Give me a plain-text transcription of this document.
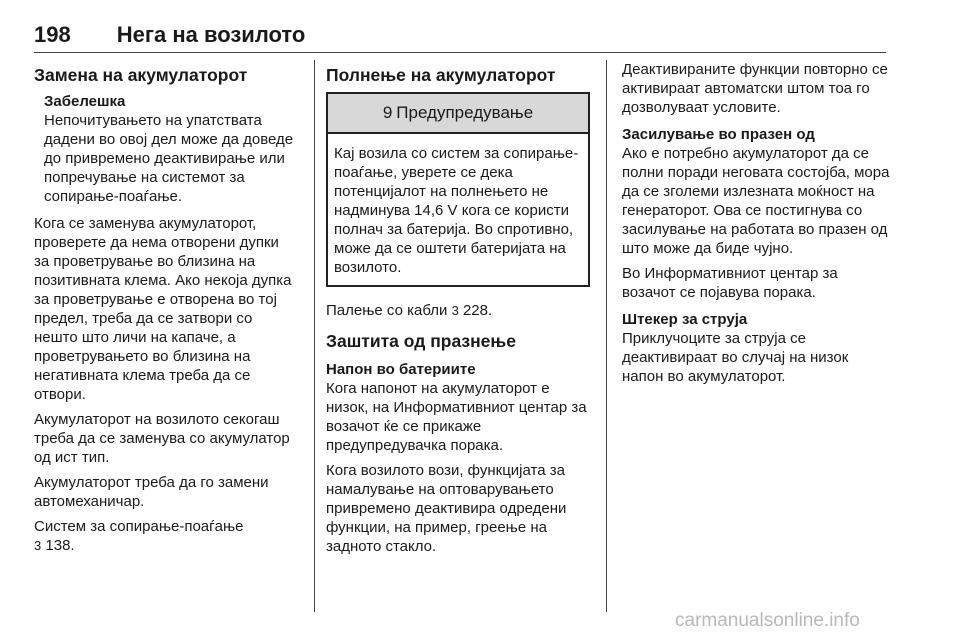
198 Нега на возилото
Замена на акумулаторот
Забелешка

Непочитувањето на упатствата дадени во овој дел може да доведе до привремено деактивирање или попречување на системот за сопирање-поаѓање.

Кога се заменува акумулаторот, проверете да нема отворени дупки за проветрување во близина на позитивната клема. Ако некоја дупка за проветрување е отворена во тој предел, треба да се затвори со нешто што личи на капаче, а проветрувањето во близина на негативната клема треба да се отвори.

Акумулаторот на возилото секогаш треба да се заменува со акумулатор од ист тип.

Акумулаторот треба да го замени автомеханичар.

Систем за сопирање-поаѓање
3 138.

Полнење на акумулаторот
9 Предупредување

Кај возила со систем за сопирање-поаѓање, уверете се дека потенцијалот на полнењето не надминува 14,6 V кога се користи полнач за батерија. Во спротивно, може да се оштети батеријата на возилото.

Палење со кабли 3 228.

Заштита од празнење
Напон во батериите

Кога напонот на акумулаторот е низок, на Информативниот центар за возачот ќе се прикаже предупредувачка порака.

Кога возилото вози, функцијата за намалување на оптоварувањето привремено деактивира одредени функции, на пример, греење на задното стакло.

Деактивираните функции повторно се активираат автоматски штом тоа го дозволуваат условите.

Засилување во празен од

Ако е потребно акумулаторот да се полни поради неговата состојба, мора да се зголеми излезната моќност на генераторот. Ова се постигнува со засилување на работата во празен од што може да биде чујно.

Во Информативниот центар за возачот се појавува порака.

Штекер за струја

Приклучоците за струја се деактивираат во случај на низок напон во акумулаторот.

carmanualsonline.info
